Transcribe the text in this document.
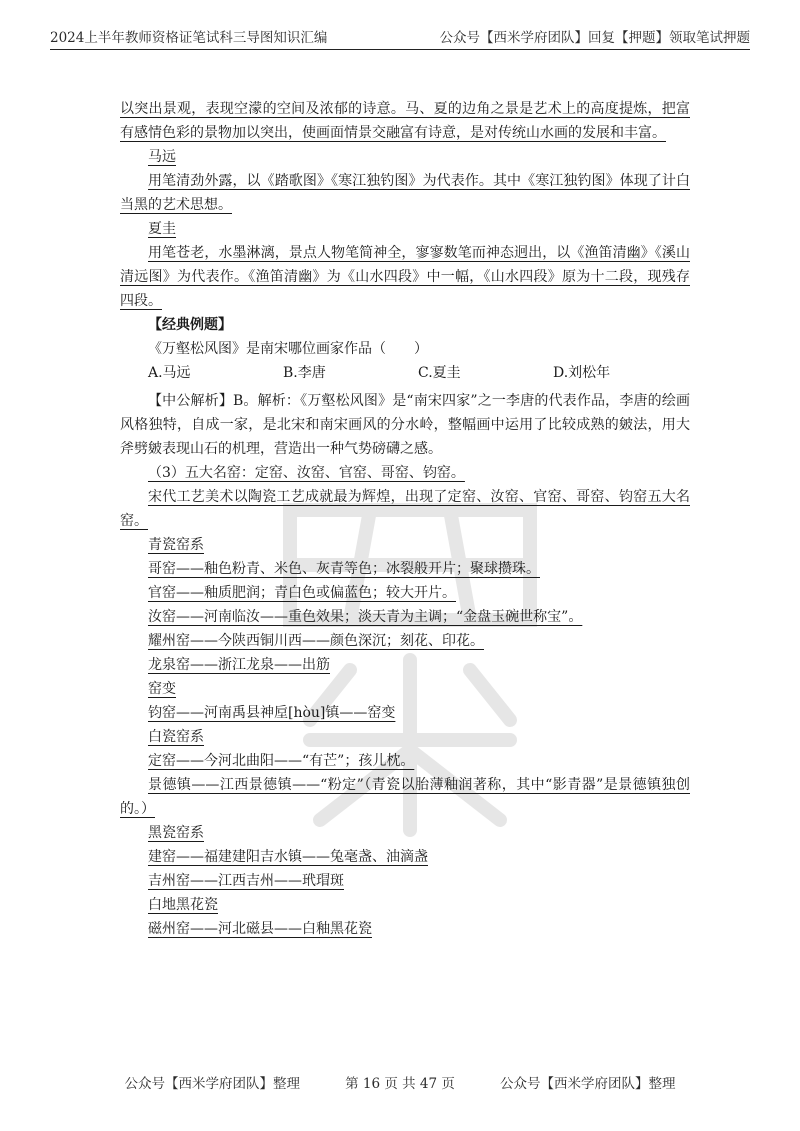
2024上半年教师资格证笔试科三导图知识汇编	公众号【西米学府团队】回复【押题】领取笔试押题

以突出景观，表现空濛的空间及浓郁的诗意。马、夏的边角之景是艺术上的高度提炼，把富有感情色彩的景物加以突出，使画面情景交融富有诗意，是对传统山水画的发展和丰富。

马远

用笔清劲外露，以《踏歌图》《寒江独钓图》为代表作。其中《寒江独钓图》体现了计白当黑的艺术思想。

夏圭

用笔苍老，水墨淋漓，景点人物笔简神全，寥寥数笔而神态迥出，以《渔笛清幽》《溪山清远图》为代表作。《渔笛清幽》为《山水四段》中一幅，《山水四段》原为十二段，现残存四段。

【经典例题】

《万壑松风图》是南宋哪位画家作品（　　）

A.马远	B.李唐	C.夏圭	D.刘松年

【中公解析】B。解析：《万壑松风图》是“南宋四家”之一李唐的代表作品，李唐的绘画风格独特，自成一家，是北宋和南宋画风的分水岭，整幅画中运用了比较成熟的皴法，用大斧劈皴表现山石的机理，营造出一种气势磅礴之感。

（3）五大名窑：定窑、汝窑、官窑、哥窑、钧窑。

宋代工艺美术以陶瓷工艺成就最为辉煌，出现了定窑、汝窑、官窑、哥窑、钧窑五大名窑。

青瓷窑系

哥窑——釉色粉青、米色、灰青等色；冰裂般开片；聚球攒珠。

官窑——釉质肥润；青白色或偏蓝色；较大开片。

汝窑——河南临汝——重色效果；淡天青为主调；“金盘玉碗世称宝”。

耀州窑——今陕西铜川西——颜色深沉；刻花、印花。

龙泉窑——浙江龙泉——出筋

窑变

钧窑——河南禹县神垕[hòu]镇——窑变

白瓷窑系

定窑——今河北曲阳——“有芒”；孩儿枕。

景德镇——江西景德镇——“粉定”（青瓷以胎薄釉润著称，其中“影青器”是景德镇独创的。）

黑瓷窑系

建窑——福建建阳吉水镇——兔毫盏、油滴盏

吉州窑——江西吉州——玳瑁斑

白地黑花瓷

磁州窑——河北磁县——白釉黑花瓷

公众号【西米学府团队】整理	第 16 页 共 47 页	公众号【西米学府团队】整理
